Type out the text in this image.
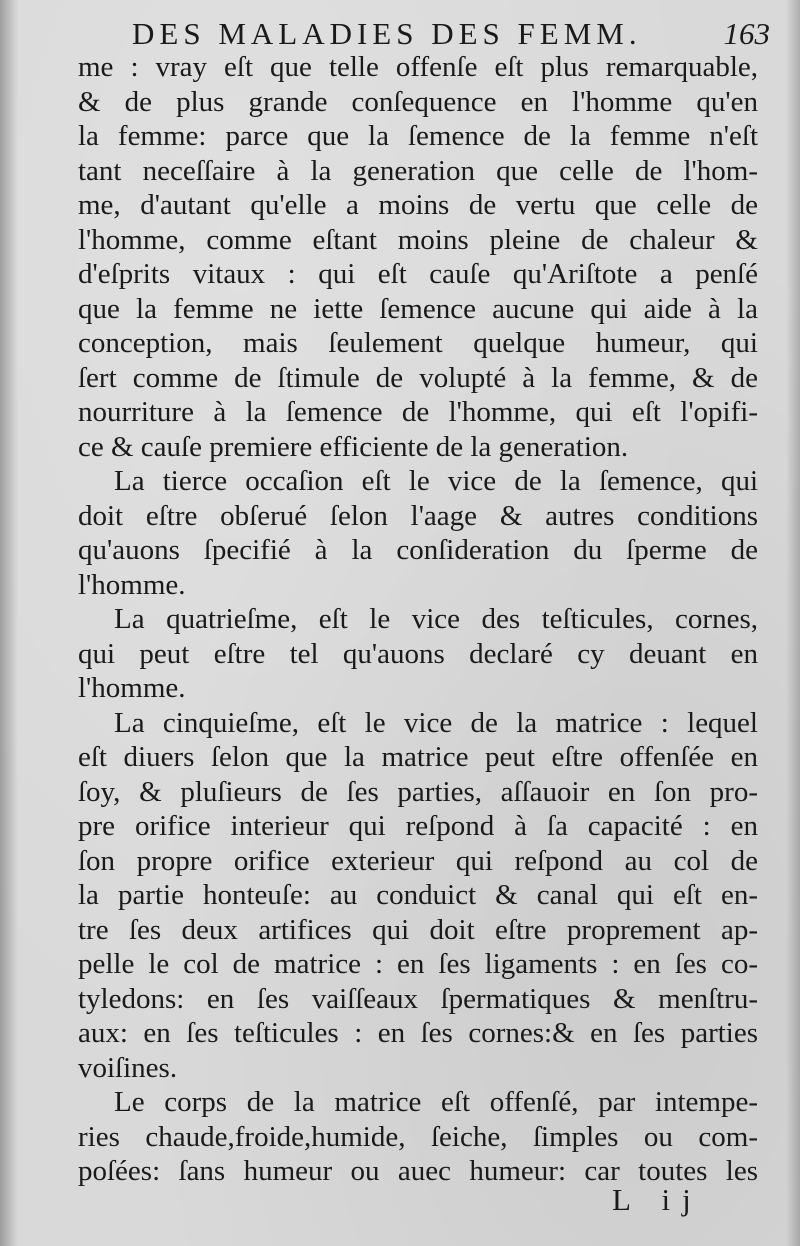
DES MALADIES DES FEMM.	163
me : vray eſt que telle offenſe eſt plus remarquable,
& de plus grande conſequence en l'homme qu'en
la femme: parce que la ſemence de la femme n'eſt
tant neceſſaire à la generation que celle de l'hom-
me, d'autant qu'elle a moins de vertu que celle de
l'homme, comme eſtant moins pleine de chaleur &
d'eſprits vitaux : qui eſt cauſe qu'Ariſtote a penſé
que la femme ne iette ſemence aucune qui aide à la
conception, mais ſeulement quelque humeur, qui
ſert comme de ſtimule de volupté à la femme, & de
nourriture à la ſemence de l'homme, qui eſt l'opifi-
ce & cauſe premiere efficiente de la generation.
La tierce occaſion eſt le vice de la ſemence, qui
doit eſtre obſerué ſelon l'aage & autres conditions
qu'auons ſpecifié à la conſideration du ſperme de
l'homme.
La quatrieſme, eſt le vice des teſticules, cornes,
qui peut eſtre tel qu'auons declaré cy deuant en
l'homme.
La cinquieſme, eſt le vice de la matrice : lequel
eſt diuers ſelon que la matrice peut eſtre offenſée en
ſoy, & pluſieurs de ſes parties, aſſauoir en ſon pro-
pre orifice interieur qui reſpond à ſa capacité : en
ſon propre orifice exterieur qui reſpond au col de
la partie honteuſe: au conduict & canal qui eſt en-
tre ſes deux artifices qui doit eſtre proprement ap-
pelle le col de matrice : en ſes ligaments : en ſes co-
tyledons: en ſes vaiſſeaux ſpermatiques & menſtru-
aux: en ſes teſticules : en ſes cornes:& en ſes parties
voiſines.
Le corps de la matrice eſt offenſé, par intempe-
ries chaude,froide,humide, ſeiche, ſimples ou com-
poſées: ſans humeur ou auec humeur: car toutes les
L ij
